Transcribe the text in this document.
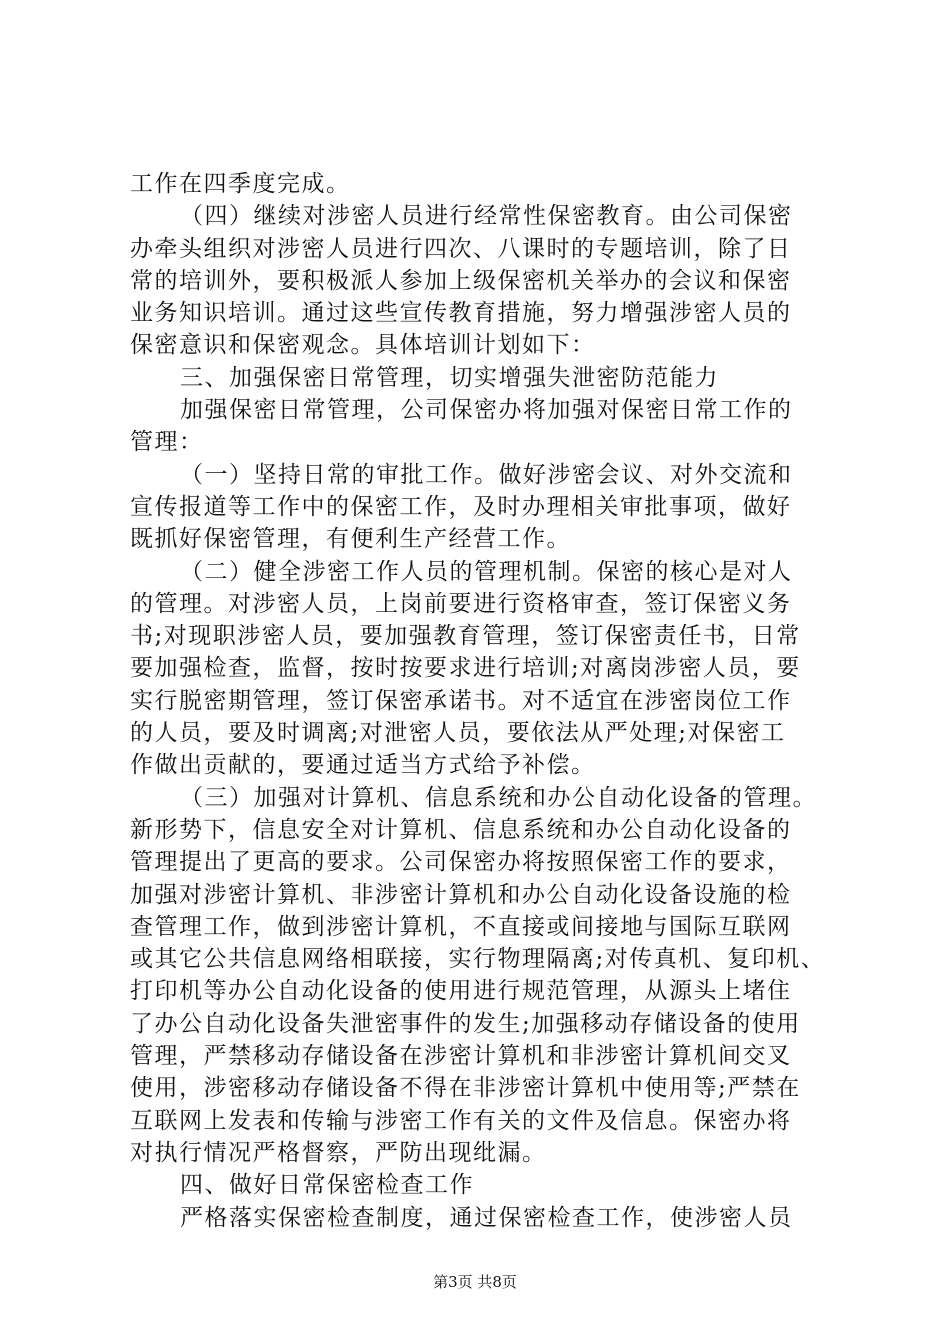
工作在四季度完成。
（四）继续对涉密人员进行经常性保密教育。由公司保密
办牵头组织对涉密人员进行四次、八课时的专题培训，除了日
常的培训外，要积极派人参加上级保密机关举办的会议和保密
业务知识培训。通过这些宣传教育措施，努力增强涉密人员的
保密意识和保密观念。具体培训计划如下：
三、加强保密日常管理，切实增强失泄密防范能力
加强保密日常管理，公司保密办将加强对保密日常工作的
管理：
（一）坚持日常的审批工作。做好涉密会议、对外交流和
宣传报道等工作中的保密工作，及时办理相关审批事项，做好
既抓好保密管理，有便利生产经营工作。
（二）健全涉密工作人员的管理机制。保密的核心是对人
的管理。对涉密人员，上岗前要进行资格审查，签订保密义务
书;对现职涉密人员，要加强教育管理，签订保密责任书，日常
要加强检查，监督，按时按要求进行培训;对离岗涉密人员，要
实行脱密期管理，签订保密承诺书。对不适宜在涉密岗位工作
的人员，要及时调离;对泄密人员，要依法从严处理;对保密工
作做出贡献的，要通过适当方式给予补偿。
（三）加强对计算机、信息系统和办公自动化设备的管理。
新形势下，信息安全对计算机、信息系统和办公自动化设备的
管理提出了更高的要求。公司保密办将按照保密工作的要求，
加强对涉密计算机、非涉密计算机和办公自动化设备设施的检
查管理工作，做到涉密计算机，不直接或间接地与国际互联网
或其它公共信息网络相联接，实行物理隔离;对传真机、复印机、
打印机等办公自动化设备的使用进行规范管理，从源头上堵住
了办公自动化设备失泄密事件的发生;加强移动存储设备的使用
管理，严禁移动存储设备在涉密计算机和非涉密计算机间交叉
使用，涉密移动存储设备不得在非涉密计算机中使用等;严禁在
互联网上发表和传输与涉密工作有关的文件及信息。保密办将
对执行情况严格督察，严防出现纰漏。
四、做好日常保密检查工作
严格落实保密检查制度，通过保密检查工作，使涉密人员
第3页 共8页
